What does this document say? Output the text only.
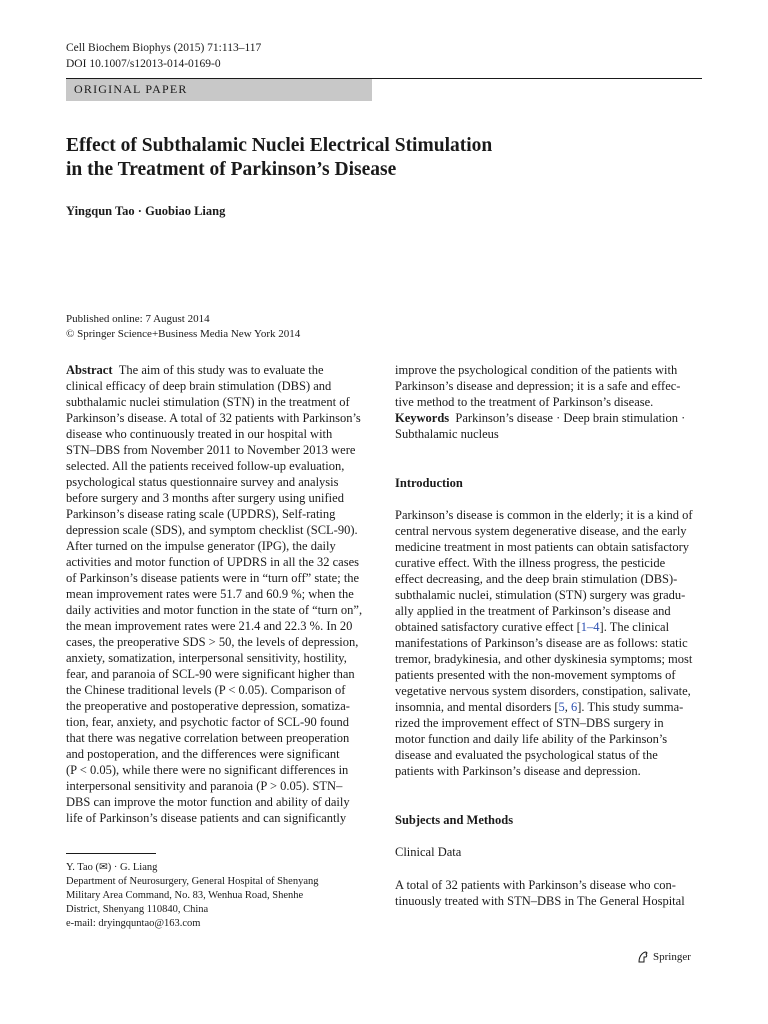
Cell Biochem Biophys (2015) 71:113–117
DOI 10.1007/s12013-014-0169-0
ORIGINAL PAPER
Effect of Subthalamic Nuclei Electrical Stimulation
in the Treatment of Parkinson’s Disease
Yingqun Tao · Guobiao Liang
Published online: 7 August 2014
© Springer Science+Business Media New York 2014

Abstract The aim of this study was to evaluate the

clinical efficacy of deep brain stimulation (DBS) and

subthalamic nuclei stimulation (STN) in the treatment of

Parkinson’s disease. A total of 32 patients with Parkinson’s

disease who continuously treated in our hospital with

STN–DBS from November 2011 to November 2013 were

selected. All the patients received follow-up evaluation,

psychological status questionnaire survey and analysis

before surgery and 3 months after surgery using unified

Parkinson’s disease rating scale (UPDRS), Self-rating

depression scale (SDS), and symptom checklist (SCL-90).

After turned on the impulse generator (IPG), the daily

activities and motor function of UPDRS in all the 32 cases

of Parkinson’s disease patients were in “turn off” state; the

mean improvement rates were 51.7 and 60.9 %; when the

daily activities and motor function in the state of “turn on”,

the mean improvement rates were 21.4 and 22.3 %. In 20

cases, the preoperative SDS > 50, the levels of depression,

anxiety, somatization, interpersonal sensitivity, hostility,

fear, and paranoia of SCL-90 were significant higher than

the Chinese traditional levels (P < 0.05). Comparison of

the preoperative and postoperative depression, somatiza-

tion, fear, anxiety, and psychotic factor of SCL-90 found

that there was negative correlation between preoperation

and postoperation, and the differences were significant

(P < 0.05), while there were no significant differences in

interpersonal sensitivity and paranoia (P > 0.05). STN–

DBS can improve the motor function and ability of daily

life of Parkinson’s disease patients and can significantly

Y. Tao (✉) · G. Liang
Department of Neurosurgery, General Hospital of Shenyang
Military Area Command, No. 83, Wenhua Road, Shenhe
District, Shenyang 110840, China
e-mail: dryingquntao@163.com

improve the psychological condition of the patients with

Parkinson’s disease and depression; it is a safe and effec-

tive method to the treatment of Parkinson’s disease.

Keywords Parkinson’s disease · Deep brain stimulation ·

Subthalamic nucleus

Introduction

Parkinson’s disease is common in the elderly; it is a kind of

central nervous system degenerative disease, and the early

medicine treatment in most patients can obtain satisfactory

curative effect. With the illness progress, the pesticide

effect decreasing, and the deep brain stimulation (DBS)-

subthalamic nuclei, stimulation (STN) surgery was gradu-

ally applied in the treatment of Parkinson’s disease and

obtained satisfactory curative effect [1–4]. The clinical

manifestations of Parkinson’s disease are as follows: static

tremor, bradykinesia, and other dyskinesia symptoms; most

patients presented with the non-movement symptoms of

vegetative nervous system disorders, constipation, salivate,

insomnia, and mental disorders [5, 6]. This study summa-

rized the improvement effect of STN–DBS surgery in

motor function and daily life ability of the Parkinson’s

disease and evaluated the psychological status of the

patients with Parkinson’s disease and depression.

Subjects and Methods

Clinical Data

A total of 32 patients with Parkinson’s disease who con-

tinuously treated with STN–DBS in The General Hospital

Springer
